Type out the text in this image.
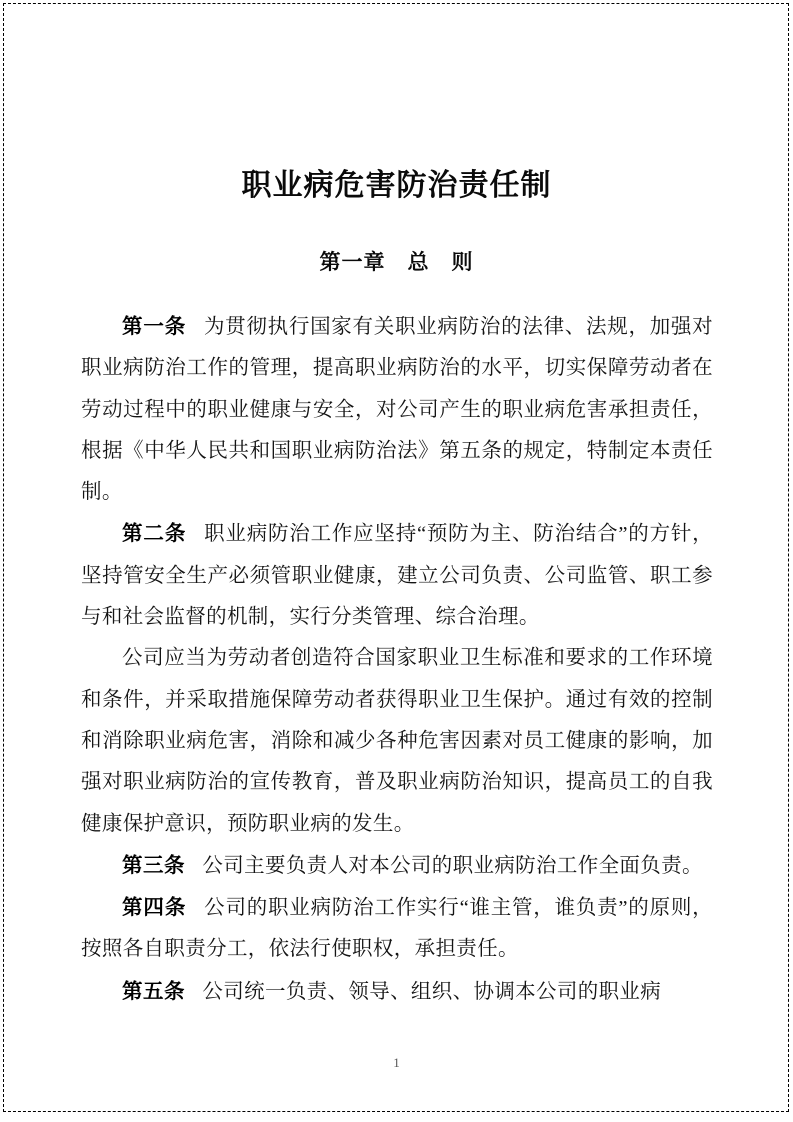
职业病危害防治责任制
第一章　总　则

第一条 为贯彻执行国家有关职业病防治的法律、法规，加强对职业病防治工作的管理，提高职业病防治的水平，切实保障劳动者在劳动过程中的职业健康与安全，对公司产生的职业病危害承担责任，根据《中华人民共和国职业病防治法》第五条的规定，特制定本责任制。

第二条 职业病防治工作应坚持“预防为主、防治结合”的方针，坚持管安全生产必须管职业健康，建立公司负责、公司监管、职工参与和社会监督的机制，实行分类管理、综合治理。

公司应当为劳动者创造符合国家职业卫生标准和要求的工作环境和条件，并采取措施保障劳动者获得职业卫生保护。通过有效的控制和消除职业病危害，消除和减少各种危害因素对员工健康的影响，加强对职业病防治的宣传教育，普及职业病防治知识，提高员工的自我健康保护意识，预防职业病的发生。

第三条 公司主要负责人对本公司的职业病防治工作全面负责。

第四条 公司的职业病防治工作实行“谁主管，谁负责”的原则，按照各自职责分工，依法行使职权，承担责任。

第五条 公司统一负责、领导、组织、协调本公司的职业病

1
